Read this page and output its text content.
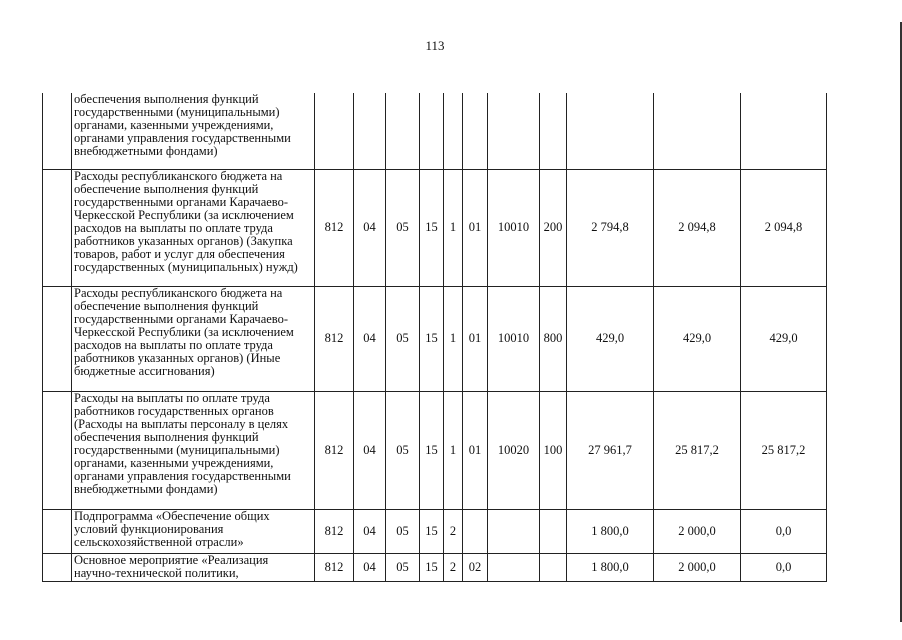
113
	обеспечения выполнения функций государственными (муниципальными) органами, казенными учреждениями, органами управления государственными внебюджетными фондами)											
	Расходы республиканского бюджета на обеспечение выполнения функций государственными органами Карачаево-Черкесской Республики (за исключением расходов на выплаты по оплате труда работников указанных органов) (Закупка товаров, работ и услуг для обеспечения государственных (муниципальных) нужд)	812	04	05	15	1	01	10010	200	2 794,8	2 094,8	2 094,8
	Расходы республиканского бюджета на обеспечение выполнения функций государственными органами Карачаево-Черкесской Республики (за исключением расходов на выплаты по оплате труда работников указанных органов) (Иные бюджетные ассигнования)	812	04	05	15	1	01	10010	800	429,0	429,0	429,0
	Расходы на выплаты по оплате труда работников государственных органов (Расходы на выплаты персоналу в целях обеспечения выполнения функций государственными (муниципальными) органами, казенными учреждениями, органами управления государственными внебюджетными фондами)	812	04	05	15	1	01	10020	100	27 961,7	25 817,2	25 817,2
	Подпрограмма «Обеспечение общих условий функционирования сельскохозяйственной отрасли»	812	04	05	15	2				1 800,0	2 000,0	0,0
	Основное мероприятие «Реализация научно-технической политики,	812	04	05	15	2	02			1 800,0	2 000,0	0,0
